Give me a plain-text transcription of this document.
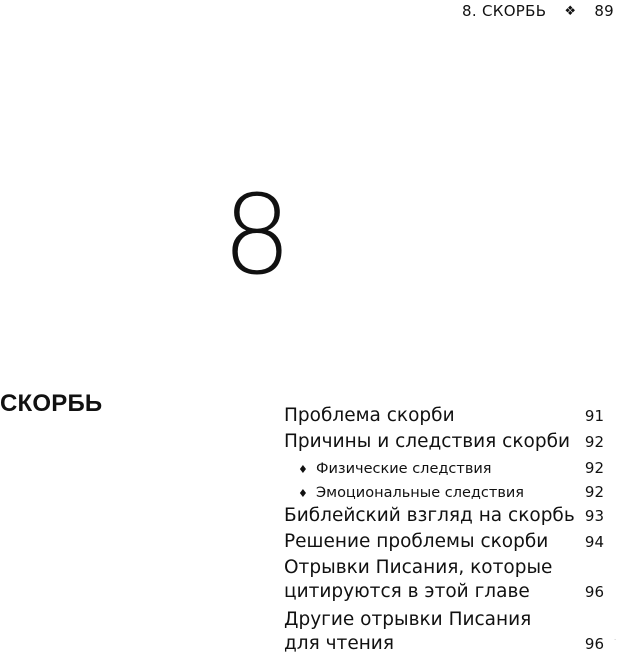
8. СКОРБЬ ❖ 89
8
СКОРБЬ	Проблема скорби	91
Причины и следствия скорби 92
♦ Физические следствия	92
♦ Эмоциональные следствия	92
Библейский взгляд на скорбь 93
Решение проблемы скорби	94
Отрывки Писания, которые
цитируются в этой главе	96
Другие отрывки Писания
для чтения	96 .
